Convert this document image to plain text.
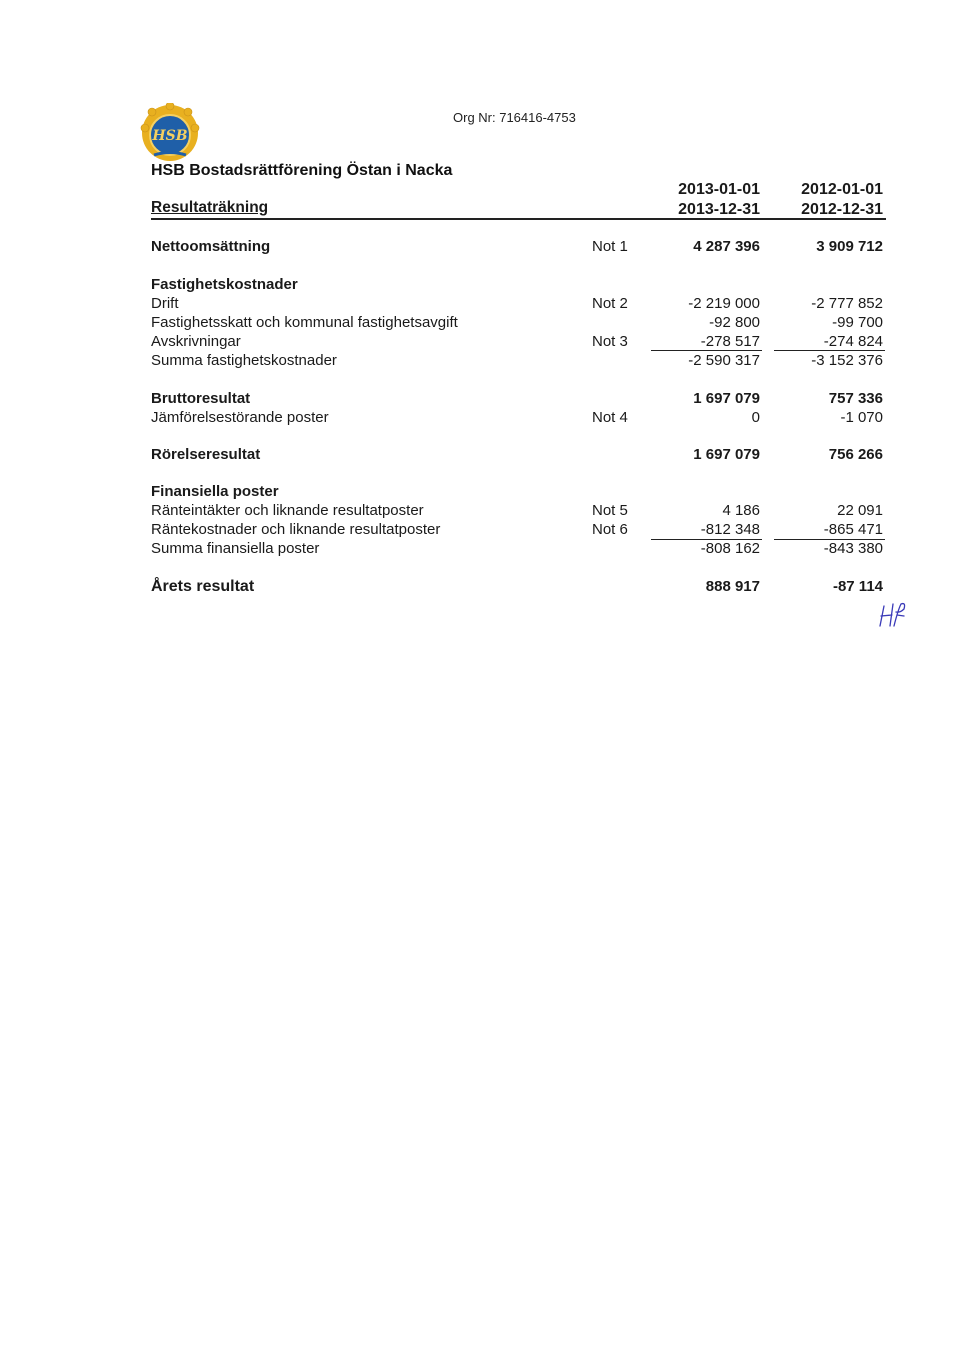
HSB
Org Nr: 716416-4753
HSB Bostadsrättförening Östan i Nacka
Resultaträkning
2013-01-01
2013-12-31
2012-01-01
2012-12-31
Nettoomsättning	Not 1	4 287 396	3 909 712
Fastighetskostnader
Drift	Not 2	-2 219 000	-2 777 852
Fastighetsskatt och kommunal fastighetsavgift	-92 800	-99 700
Avskrivningar	Not 3	-278 517	-274 824
Summa fastighetskostnader	-2 590 317	-3 152 376
Bruttoresultat	1 697 079	757 336
Jämförelsestörande poster	Not 4	0	-1 070
Rörelseresultat	1 697 079	756 266
Finansiella poster
Ränteintäkter och liknande resultatposter	Not 5	4 186	22 091
Räntekostnader och liknande resultatposter	Not 6	-812 348	-865 471
Summa finansiella poster	-808 162	-843 380
Årets resultat	888 917	-87 114
